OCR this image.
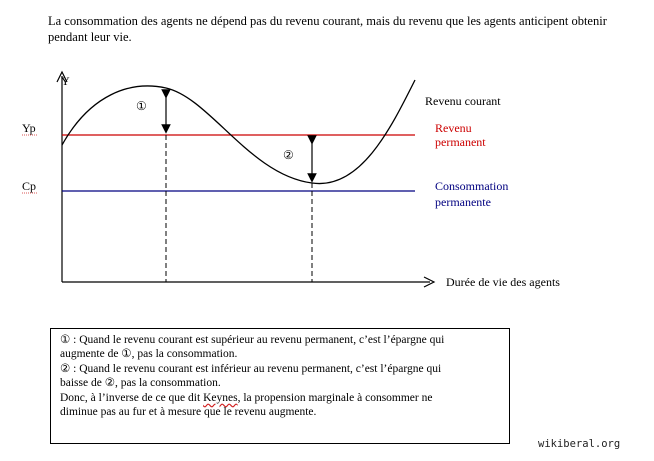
La consommation des agents ne dépend pas du revenu courant, mais du revenu que les agents anticipent obtenir
pendant leur vie.
Y
Yp
Cp
①
②
Revenu courant
Revenu
permanent
Consommation
permanente
Durée de vie des agents

① : Quand le revenu courant est supérieur au revenu permanent, c’est l’épargne qui

augmente de ①, pas la consommation.

② : Quand le revenu courant est inférieur au revenu permanent, c’est l’épargne qui

baisse de ②, pas la consommation.

Donc, à l’inverse de ce que dit Keynes, la propension marginale à consommer ne

diminue pas au fur et à mesure que le revenu augmente.

wikiberal.org
